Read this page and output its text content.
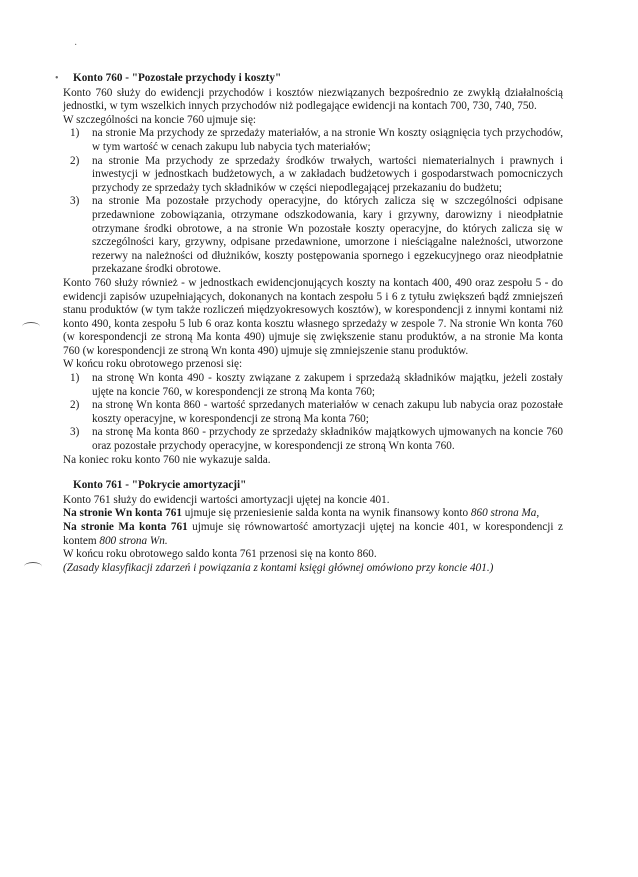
·
• Konto 760 - "Pozostałe przychody i koszty"

Konto 760 służy do ewidencji przychodów i kosztów niezwiązanych bezpośrednio ze zwykłą działalnością jednostki, w tym wszelkich innych przychodów niż podlegające ewidencji na kontach 700, 730, 740, 750.

W szczególności na koncie 760 ujmuje się:

1) na stronie Ma przychody ze sprzedaży materiałów, a na stronie Wn koszty osiągnięcia tych przychodów, w tym wartość w cenach zakupu lub nabycia tych materiałów;
2) na stronie Ma przychody ze sprzedaży środków trwałych, wartości niematerialnych i prawnych i inwestycji w jednostkach budżetowych, a w zakładach budżetowych i gospodarstwach pomocniczych przychody ze sprzedaży tych składników w części niepodlegającej przekazaniu do budżetu;
3) na stronie Ma pozostałe przychody operacyjne, do których zalicza się w szczególności odpisane przedawnione zobowiązania, otrzymane odszkodowania, kary i grzywny, darowizny i nieodpłatnie otrzymane środki obrotowe, a na stronie Wn pozostałe koszty operacyjne, do których zalicza się w szczególności kary, grzywny, odpisane przedawnione, umorzone i nieściągalne należności, utworzone rezerwy na należności od dłużników, koszty postępowania spornego i egzekucyjnego oraz nieodpłatnie przekazane środki obrotowe.

Konto 760 służy również - w jednostkach ewidencjonujących koszty na kontach 400, 490 oraz zespołu 5 - do ewidencji zapisów uzupełniających, dokonanych na kontach zespołu 5 i 6 z tytułu zwiększeń bądź zmniejszeń stanu produktów (w tym także rozliczeń międzyokresowych kosztów), w korespondencji z innymi kontami niż konto 490, konta zespołu 5 lub 6 oraz konta kosztu własnego sprzedaży w zespole 7. Na stronie Wn konta 760 (w korespondencji ze stroną Ma konta 490) ujmuje się zwiększenie stanu produktów, a na stronie Ma konta 760 (w korespondencji ze stroną Wn konta 490) ujmuje się zmniejszenie stanu produktów.

W końcu roku obrotowego przenosi się:

1) na stronę Wn konta 490 - koszty związane z zakupem i sprzedażą składników majątku, jeżeli zostały ujęte na koncie 760, w korespondencji ze stroną Ma konta 760;
2) na stronę Wn konta 860 - wartość sprzedanych materiałów w cenach zakupu lub nabycia oraz pozostałe koszty operacyjne, w korespondencji ze stroną Ma konta 760;
3) na stronę Ma konta 860 - przychody ze sprzedaży składników majątkowych ujmowanych na koncie 760 oraz pozostałe przychody operacyjne, w korespondencji ze stroną Wn konta 760.

Na koniec roku konto 760 nie wykazuje salda.

Konto 761 - "Pokrycie amortyzacji"

Konto 761 służy do ewidencji wartości amortyzacji ujętej na koncie 401.

Na stronie Wn konta 761 ujmuje się przeniesienie salda konta na wynik finansowy konto 860 strona Ma,

Na stronie Ma konta 761 ujmuje się równowartość amortyzacji ujętej na koncie 401, w korespondencji z kontem 800 strona Wn.

W końcu roku obrotowego saldo konta 761 przenosi się na konto 860.

(Zasady klasyfikacji zdarzeń i powiązania z kontami księgi głównej omówiono przy koncie 401.)
